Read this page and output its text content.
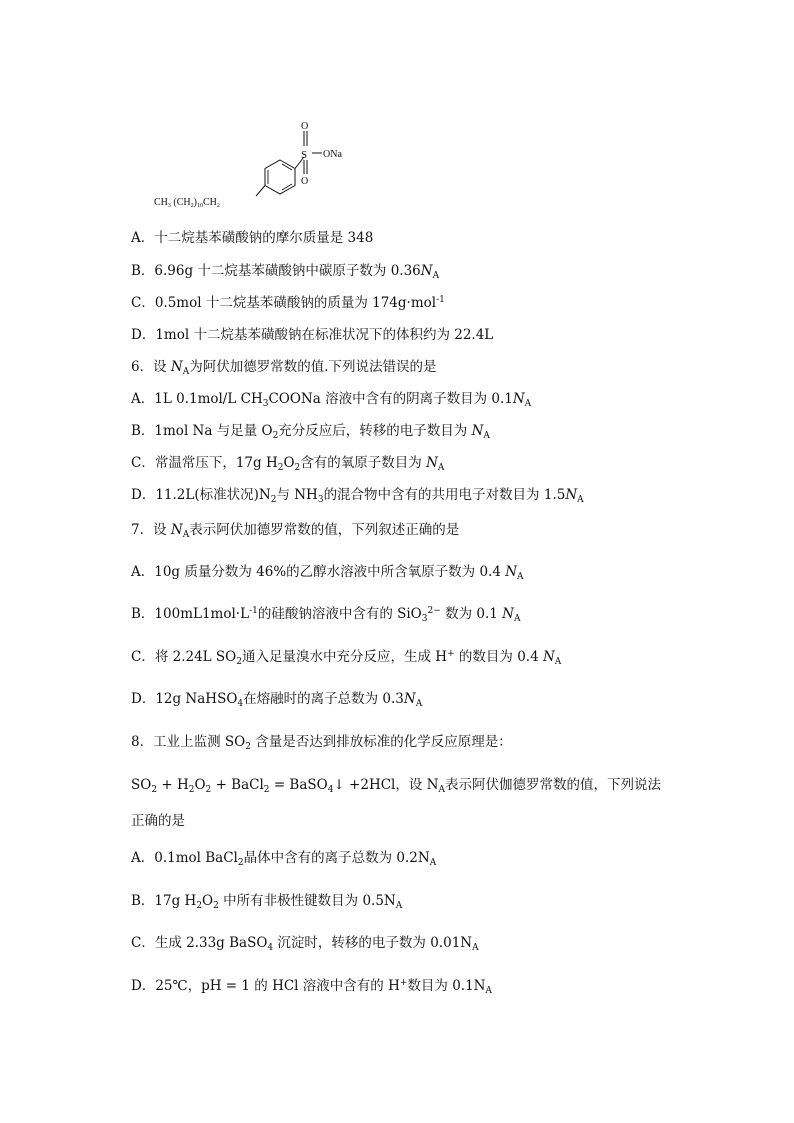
S
O
O
ONa
$CH_3$ $(CH_2)_{10}CH_2$
A．十二烷基苯磺酸钠的摩尔质量是 348
B．6.96g 十二烷基苯磺酸钠中碳原子数为 $0.36N_A$
C．0.5mol 十二烷基苯磺酸钠的质量为 174g·mol$^{-1}$
D．1mol 十二烷基苯磺酸钠在标准状况下的体积约为 22.4L
6．设 $N_A$为阿伏加德罗常数的值.下列说法错误的是
A．1L 0.1mol/L $CH_3COONa$ 溶液中含有的阴离子数目为 $0.1N_A$
B．1mol Na 与足量 $O_2$充分反应后，转移的电子数目为 $N_A$
C．常温常压下，17g $H_2O_2$含有的氧原子数目为 $N_A$
D．11.2L(标准状况)$N_2$与 $NH_3$的混合物中含有的共用电子对数目为 $1.5N_A$
7．设 $N_A$表示阿伏加德罗常数的值，下列叙述正确的是
A．10g 质量分数为 46%的乙醇水溶液中所含氧原子数为 0.4 $N_A$
B．$100mL1mol\cdot L^{-1}$的硅酸钠溶液中含有的 SiO$_3^{2-}$ 数为 0.1 $N_A$
C．将 2.24L $SO_2$通入足量溴水中充分反应，生成 H+ 的数目为 0.4 $N_A$
D．12g NaHSO$_4$在熔融时的离子总数为 $0.3N_A$
8．工业上监测 $SO_2$ 含量是否达到排放标准的化学反应原理是：
$SO_2 + H_2O_2$ + BaCl$_2$ = BaSO$_4$↓ +2HCl，设 $N_A$表示阿伏伽德罗常数的值，下列说法
正确的是
A．0.1mol BaCl$_2$晶体中含有的离子总数为 $0.2N_A$
B．17g $H_2O_2$ 中所有非极性键数目为 $0.5N_A$
C．生成 2.33g BaSO$_4$ 沉淀时，转移的电子数为 $0.01N_A$
D．25℃，pH = 1 的 HCl 溶液中含有的 H+数目为 $0.1N_A$
